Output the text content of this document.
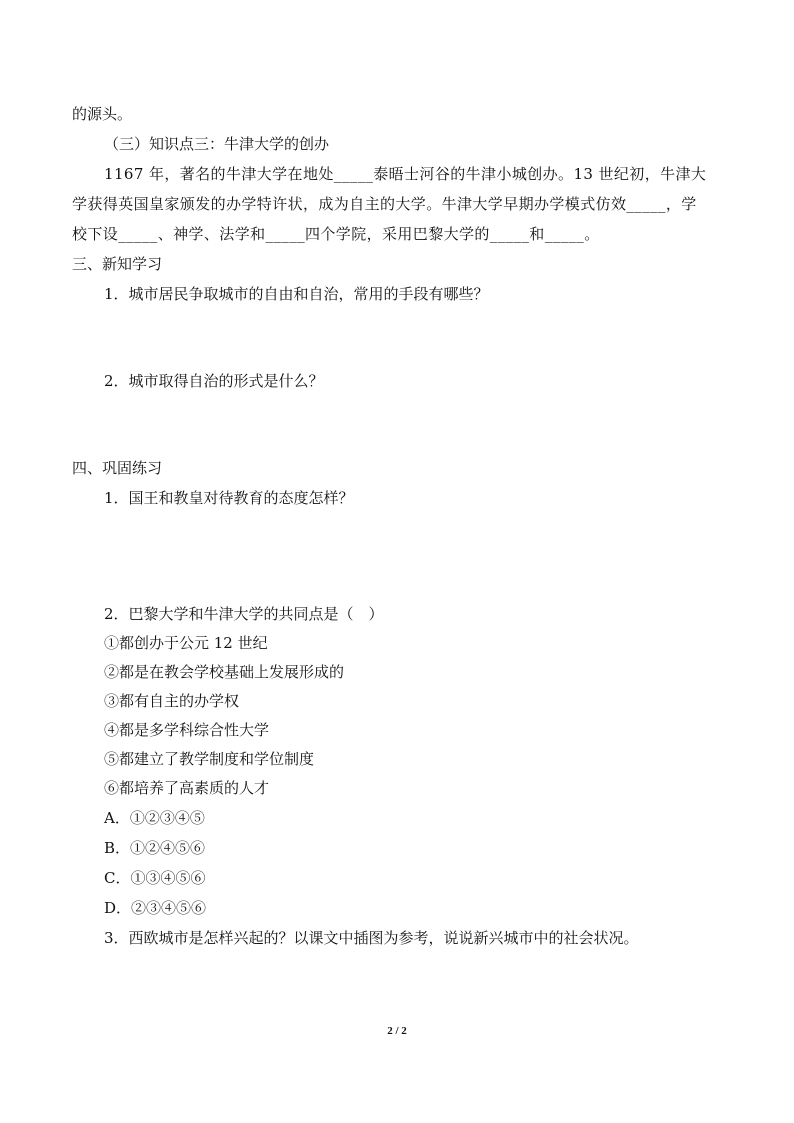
的源头。
（三）知识点三：牛津大学的创办
1167 年，著名的牛津大学在地处_____泰晤士河谷的牛津小城创办。13 世纪初，牛津大
学获得英国皇家颁发的办学特许状，成为自主的大学。牛津大学早期办学模式仿效_____，学
校下设_____、神学、法学和_____四个学院，采用巴黎大学的_____和_____。
三、新知学习
1．城市居民争取城市的自由和自治，常用的手段有哪些？
2．城市取得自治的形式是什么？
四、巩固练习
1．国王和教皇对待教育的态度怎样？
2．巴黎大学和牛津大学的共同点是（　）
①都创办于公元 12 世纪
②都是在教会学校基础上发展形成的
③都有自主的办学权
④都是多学科综合性大学
⑤都建立了教学制度和学位制度
⑥都培养了高素质的人才
A．①②③④⑤
B．①②④⑤⑥
C．①③④⑤⑥
D．②③④⑤⑥
3．西欧城市是怎样兴起的？以课文中插图为参考，说说新兴城市中的社会状况。
2 / 2
